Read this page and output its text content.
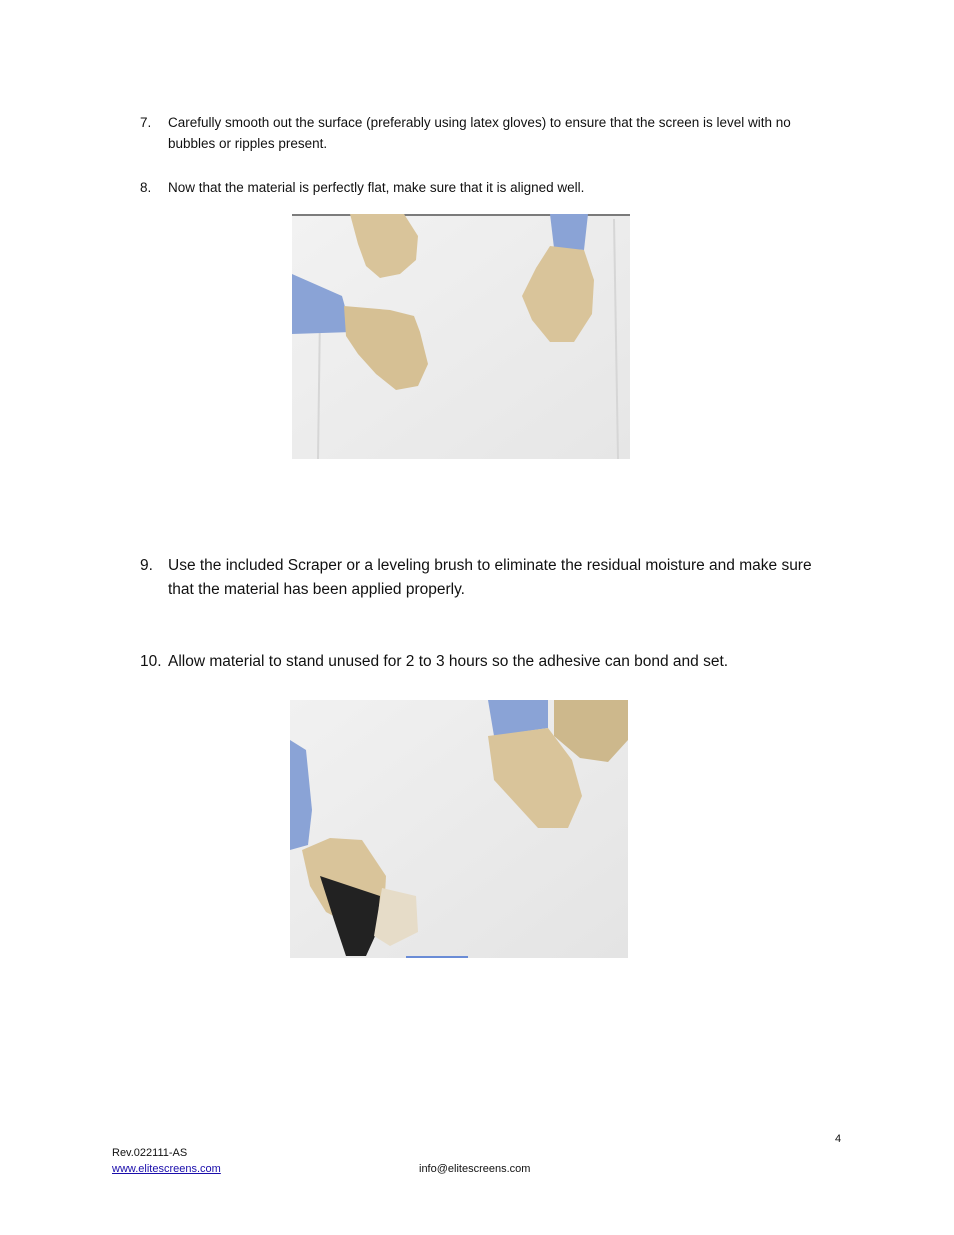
7.	Carefully smooth out the surface (preferably using latex gloves) to ensure that the screen is level with no bubbles or ripples present.
8.	Now that the material is perfectly flat, make sure that it is aligned well.
9. Use the included Scraper or a leveling brush to eliminate the residual moisture and make sure that the material has been applied properly.
10. Allow material to stand unused for 2 to 3 hours so the adhesive can bond and set.
4
Rev.022111-AS
www.elitescreens.com	info@elitescreens.com
